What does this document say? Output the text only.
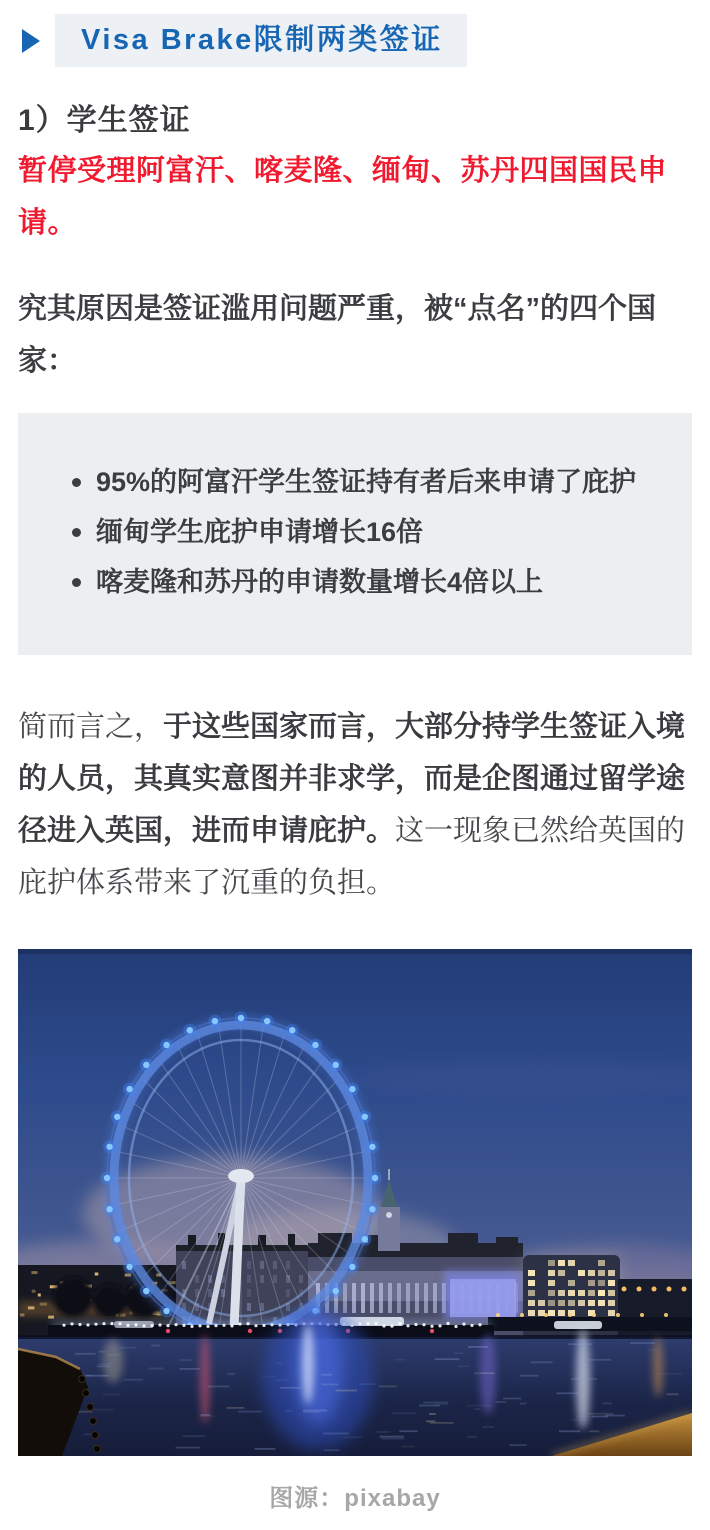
Visa Brake限制两类签证
1）学生签证

暂停受理阿富汗、喀麦隆、缅甸、苏丹四国国民申请。

究其原因是签证滥用问题严重，被“点名”的四个国家：

95%的阿富汗学生签证持有者后来申请了庇护
缅甸学生庇护申请增长16倍
喀麦隆和苏丹的申请数量增长4倍以上

简而言之，于这些国家而言，大部分持学生签证入境的人员，其真实意图并非求学，而是企图通过留学途径进入英国，进而申请庇护。这一现象已然给英国的庇护体系带来了沉重的负担。

图源：pixabay
